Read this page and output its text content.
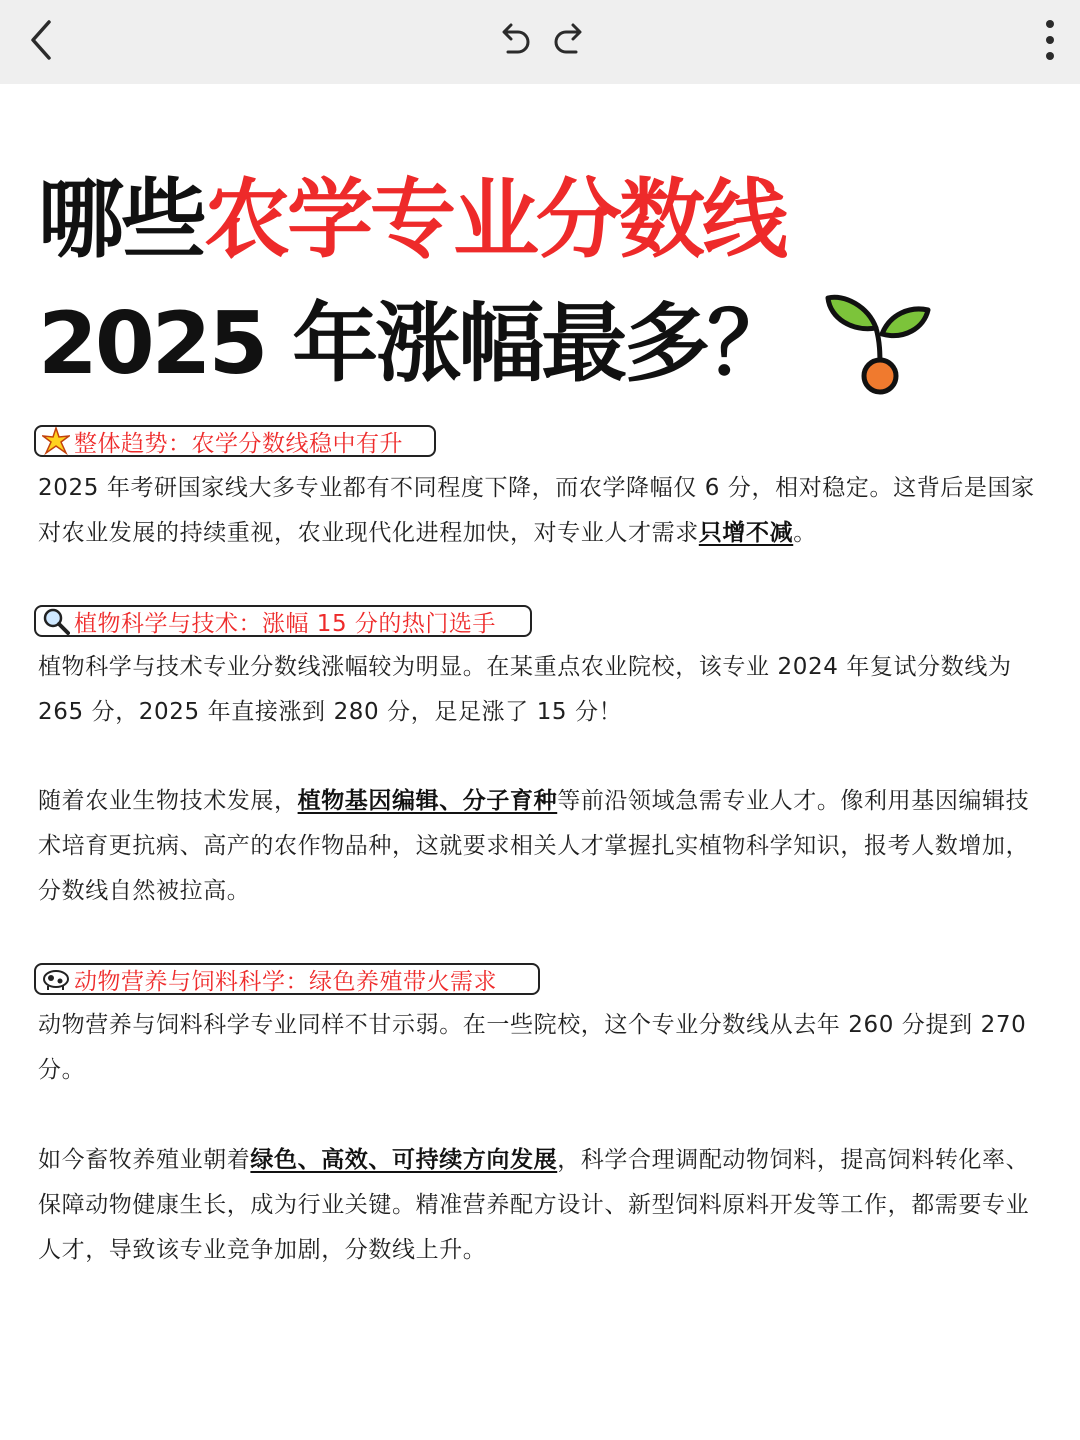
哪些农学专业分数线
2025 年涨幅最多？
整体趋势：农学分数线稳中有升

2025 年考研国家线大多专业都有不同程度下降，而农学降幅仅 6 分，相对稳定。这背后是国家对农业发展的持续重视，农业现代化进程加快，对专业人才需求只增不减。

植物科学与技术：涨幅 15 分的热门选手

植物科学与技术专业分数线涨幅较为明显。在某重点农业院校，该专业 2024 年复试分数线为 265 分，2025 年直接涨到 280 分，足足涨了 15 分！

随着农业生物技术发展，植物基因编辑、分子育种等前沿领域急需专业人才。像利用基因编辑技术培育更抗病、高产的农作物品种，这就要求相关人才掌握扎实植物科学知识，报考人数增加，分数线自然被拉高。

动物营养与饲料科学：绿色养殖带火需求

动物营养与饲料科学专业同样不甘示弱。在一些院校，这个专业分数线从去年 260 分提到 270 分。

如今畜牧养殖业朝着绿色、高效、可持续方向发展，科学合理调配动物饲料，提高饲料转化率、保障动物健康生长，成为行业关键。精准营养配方设计、新型饲料原料开发等工作，都需要专业人才，导致该专业竞争加剧，分数线上升。
